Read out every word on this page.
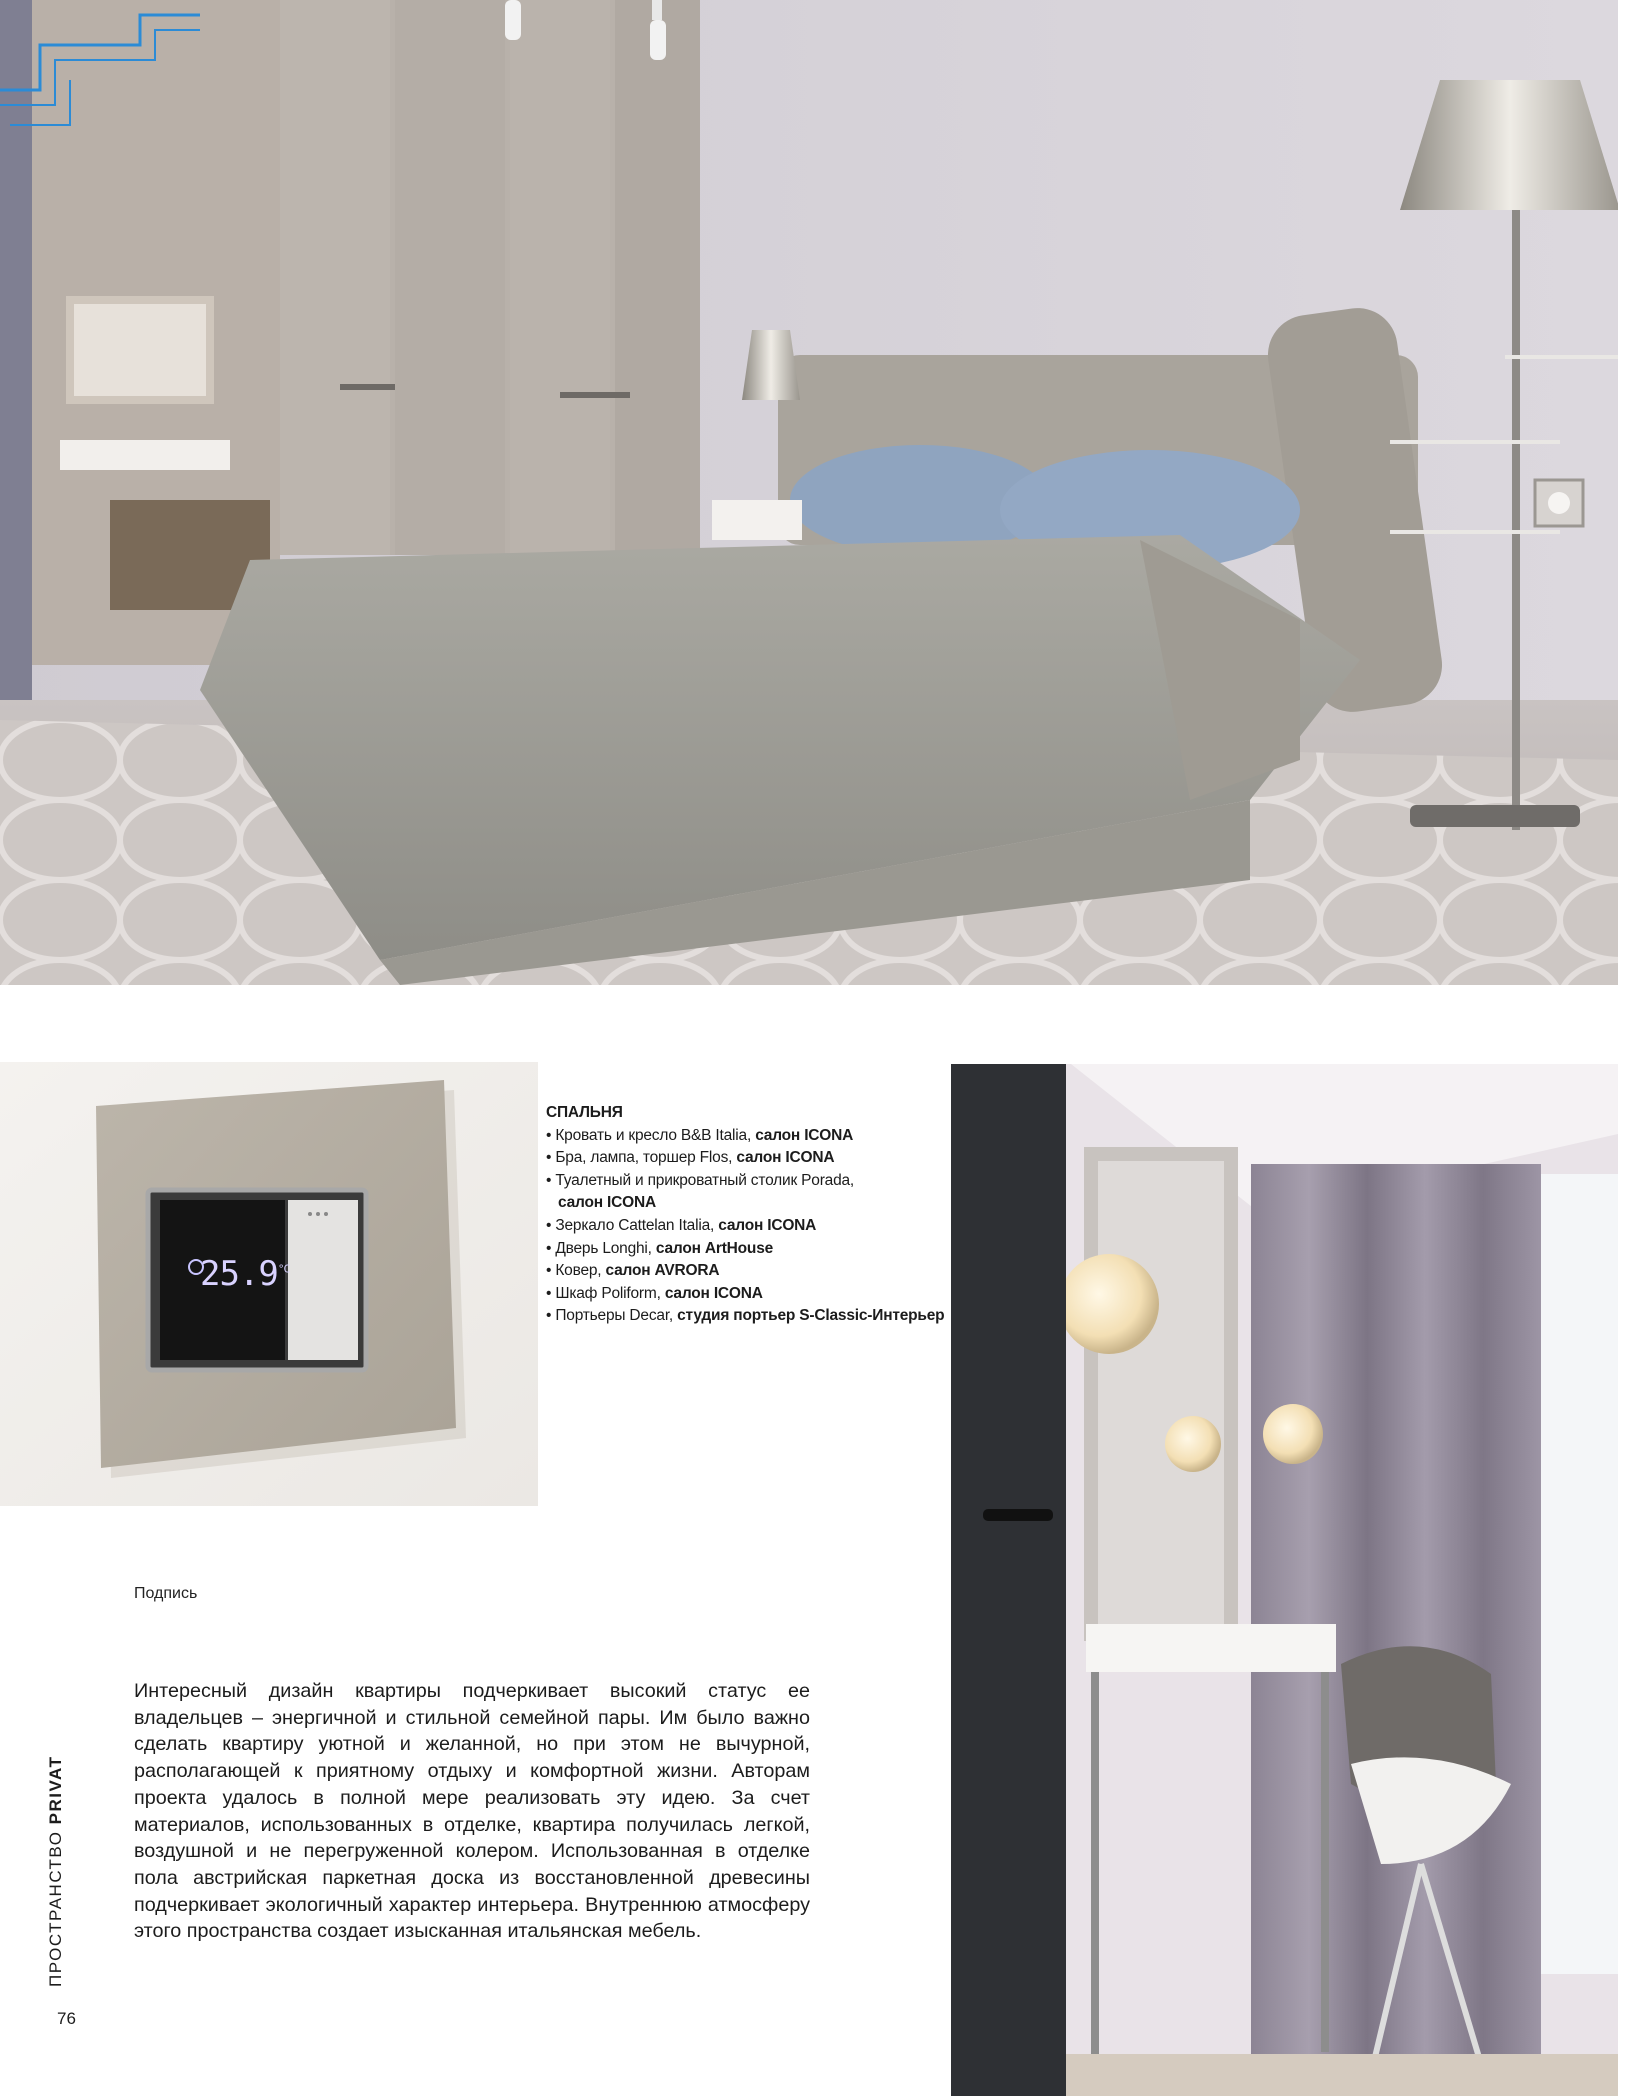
$25.9^{^\circ C}$
СПАЛЬНЯ
• Кровать и кресло B&B Italia, салон ICONA
• Бра, лампа, торшер Flos, салон ICONA
• Туалетный и прикроватный столик Porada,
салон ICONA
• Зеркало Cattelan Italia, салон ICONA
• Дверь Longhi, салон ArtHouse
• Ковер, салон AVRORA
• Шкаф Poliform, салон ICONA
• Портьеры Decar, студия портьер S-Classic-Интерьер
Подпись
Интересный дизайн квартиры подчеркивает высокий статус ее владельцев – энергичной и стильной семейной пары. Им было важно сделать квартиру уютной и желанной, но при этом не вычурной, располагающей к приятному отдыху и комфортной жизни. Авторам проекта удалось в полной мере реализовать эту идею. За счет материалов, использованных в отделке, квартира получилась легкой, воздушной и не перегруженной колером. Использованная в отделке пола австрийская паркетная доска из восстановленной древесины подчеркивает экологичный характер интерьера. Внутреннюю атмосферу этого пространства создает изысканная итальянская мебель.
ПРОСТРАНСТВО PRIVAT
76
